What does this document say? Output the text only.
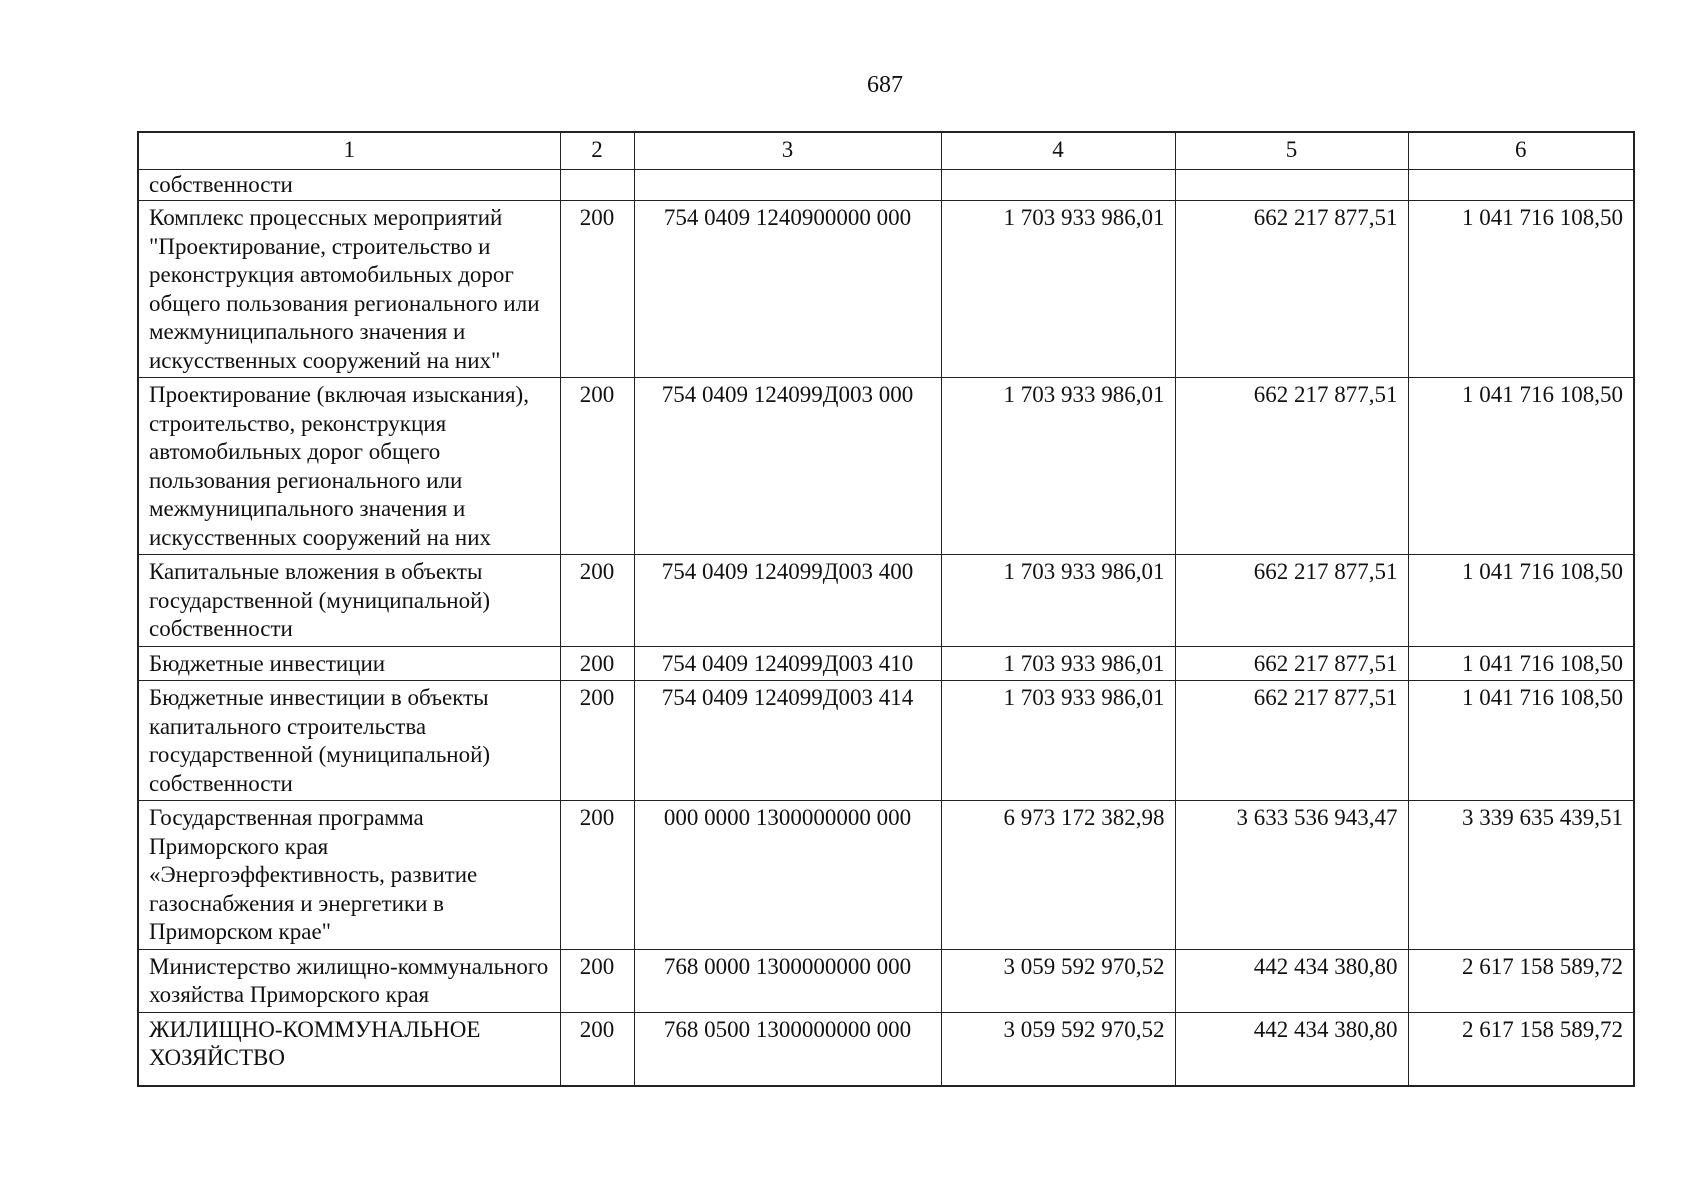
687
1	2	3	4	5	6
собственности					
Комплекс процессных мероприятий "Проектирование, строительство и реконструкция автомобильных дорог общего пользования регионального или межмуниципального значения и искусственных сооружений на них"	200	754 0409 1240900000 000	1 703 933 986,01	662 217 877,51	1 041 716 108,50
Проектирование (включая изыскания), строительство, реконструкция автомобильных дорог общего пользования регионального или межмуниципального значения и искусственных сооружений на них	200	754 0409 124099Д003 000	1 703 933 986,01	662 217 877,51	1 041 716 108,50
Капитальные вложения в объекты государственной (муниципальной) собственности	200	754 0409 124099Д003 400	1 703 933 986,01	662 217 877,51	1 041 716 108,50
Бюджетные инвестиции	200	754 0409 124099Д003 410	1 703 933 986,01	662 217 877,51	1 041 716 108,50
Бюджетные инвестиции в объекты капитального строительства государственной (муниципальной) собственности	200	754 0409 124099Д003 414	1 703 933 986,01	662 217 877,51	1 041 716 108,50
Государственная программа Приморского края «Энергоэффективность, развитие газоснабжения и энергетики в Приморском крае"	200	000 0000 1300000000 000	6 973 172 382,98	3 633 536 943,47	3 339 635 439,51
Министерство жилищно-коммунального хозяйства Приморского края	200	768 0000 1300000000 000	3 059 592 970,52	442 434 380,80	2 617 158 589,72
ЖИЛИЩНО-КОММУНАЛЬНОЕ ХОЗЯЙСТВО	200	768 0500 1300000000 000	3 059 592 970,52	442 434 380,80	2 617 158 589,72
